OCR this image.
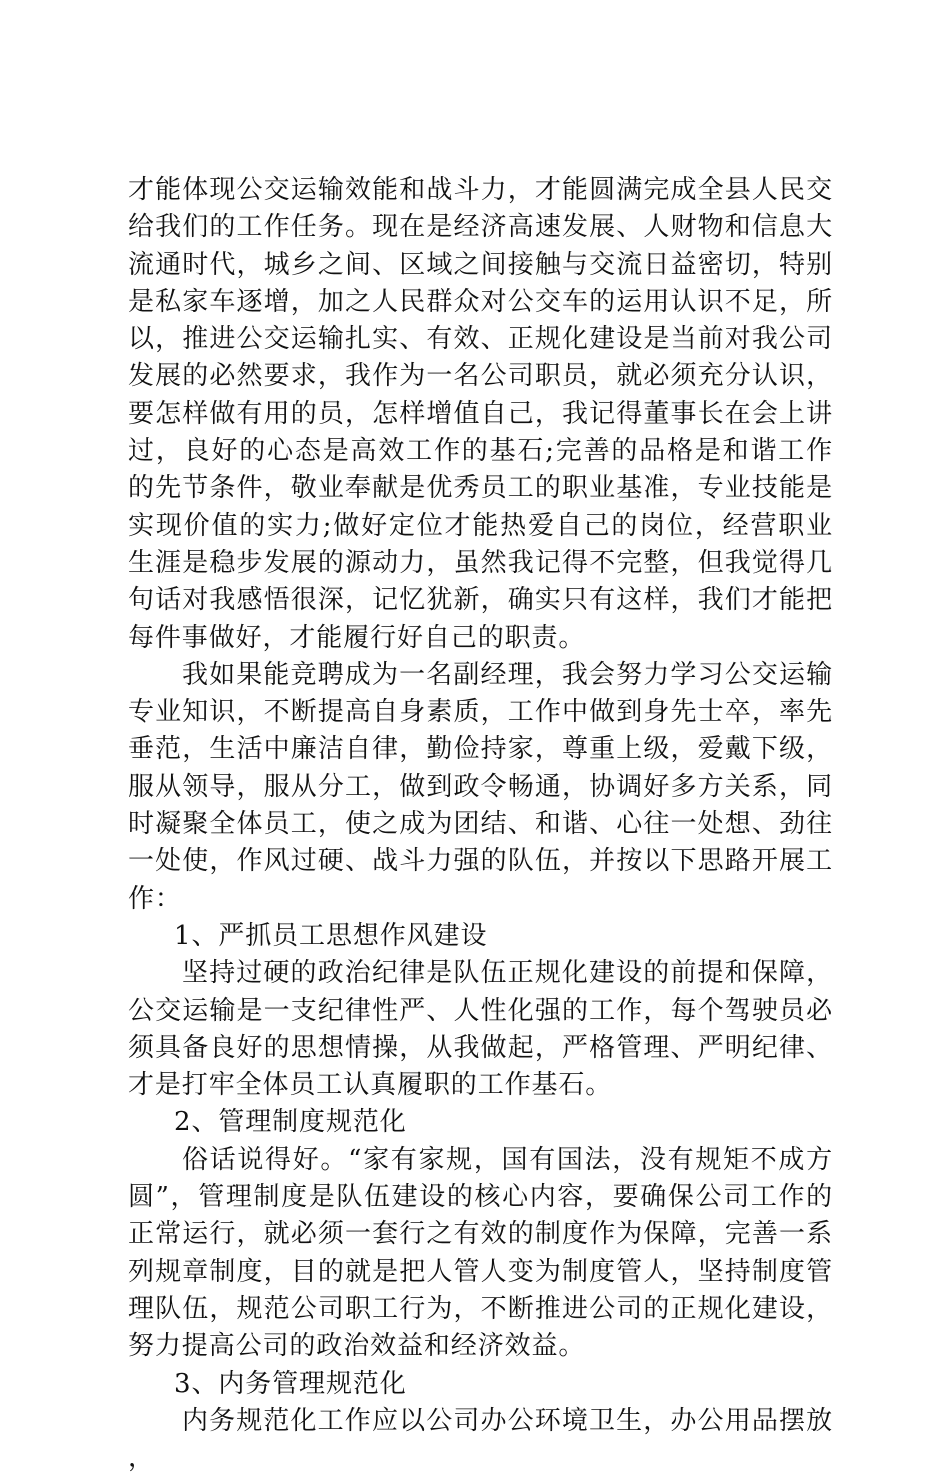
才能体现公交运输效能和战斗力，才能圆满完成全县人民交给我们的工作任务。现在是经济高速发展、人财物和信息大流通时代，城乡之间、区域之间接触与交流日益密切，特别是私家车逐增，加之人民群众对公交车的运用认识不足，所以，推进公交运输扎实、有效、正规化建设是当前对我公司发展的必然要求，我作为一名公司职员，就必须充分认识，要怎样做有用的员，怎样增值自己，我记得董事长在会上讲过，良好的心态是高效工作的基石;完善的品格是和谐工作的先节条件，敬业奉献是优秀员工的职业基准，专业技能是实现价值的实力;做好定位才能热爱自己的岗位，经营职业生涯是稳步发展的源动力，虽然我记得不完整，但我觉得几句话对我感悟很深，记忆犹新，确实只有这样，我们才能把每件事做好，才能履行好自己的职责。

我如果能竞聘成为一名副经理，我会努力学习公交运输专业知识，不断提高自身素质，工作中做到身先士卒，率先垂范，生活中廉洁自律，勤俭持家，尊重上级，爱戴下级，服从领导，服从分工，做到政令畅通，协调好多方关系，同时凝聚全体员工，使之成为团结、和谐、心往一处想、劲往一处使，作风过硬、战斗力强的队伍，并按以下思路开展工作：

1、严抓员工思想作风建设

坚持过硬的政治纪律是队伍正规化建设的前提和保障，公交运输是一支纪律性严、人性化强的工作，每个驾驶员必须具备良好的思想情操，从我做起，严格管理、严明纪律、才是打牢全体员工认真履职的工作基石。

2、管理制度规范化

俗话说得好。“家有家规，国有国法，没有规矩不成方圆”，管理制度是队伍建设的核心内容，要确保公司工作的正常运行，就必须一套行之有效的制度作为保障，完善一系列规章制度，目的就是把人管人变为制度管人，坚持制度管理队伍，规范公司职工行为，不断推进公司的正规化建设，努力提高公司的政治效益和经济效益。

3、内务管理规范化

内务规范化工作应以公司办公环境卫生，办公用品摆放，
